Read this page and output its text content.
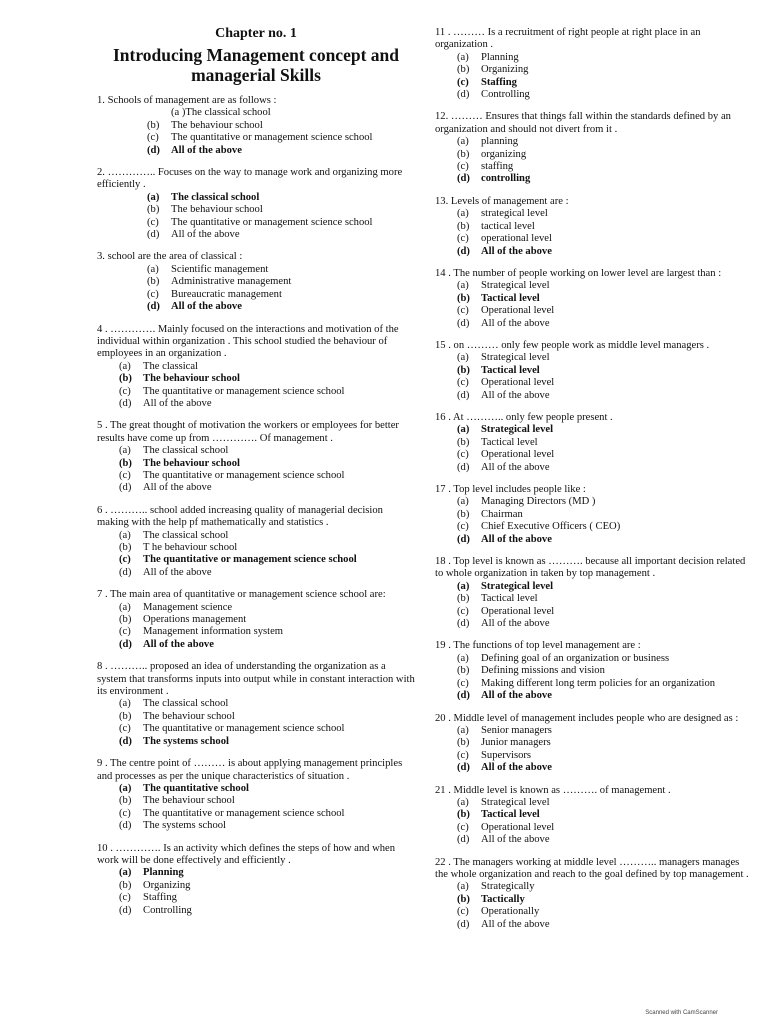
Chapter no. 1
Introducing Management concept and
managerial Skills
1. Schools of management are as follows :
(a )The classical school
(b)	The behaviour school
(c)	The quantitative or management science school
(d)	All of the above
2. ………….. Focuses on the way to manage work and organizing more efficiently .
(a)	The classical school
(b)	The behaviour school
(c)	The quantitative or management science school
(d)	All of the above
3. school are the area of classical :
(a)	Scientific management
(b)	Administrative management
(c)	Bureaucratic management
(d)	All of the above
4 . …………. Mainly focused on the interactions and motivation of the individual within organization . This school studied the behaviour of employees in an organization .
(a)	The classical
(b)	The behaviour school
(c)	The quantitative or management science school
(d)	All of the above
5 . The great thought of motivation the workers or employees for better results have come up from …………. Of management .
(a)	The classical school
(b)	The behaviour school
(c)	The quantitative or management science school
(d)	All of the above
6 . ……….. school added increasing quality of managerial decision making with the help pf mathematically and statistics .
(a)	The classical school
(b)	T he behaviour school
(c)	The quantitative or management science school
(d)	All of the above
7 . The main area of quantitative or management science school are:
(a)	Management science
(b)	Operations management
(c)	Management information system
(d)	All of the above
8 . ……….. proposed an idea of understanding the organization as a system that transforms inputs into output while in constant interaction with its environment .
(a)	The classical school
(b)	The behaviour school
(c)	The quantitative or management science school
(d)	The systems school
9 . The centre point of ……… is about applying management principles and processes as per the unique characteristics of situation .
(a)	The quantitative school
(b)	The behaviour school
(c)	The quantitative or management science school
(d)	The systems school
10 . …………. Is an activity which defines the steps of how and when work will be done effectively and efficiently .
(a)	Planning
(b)	Organizing
(c)	Staffing
(d)	Controlling
11 . ……… Is a recruitment of right people at right place in an organization .
(a)	Planning
(b)	Organizing
(c)	Staffing
(d)	Controlling
12. ……… Ensures that things fall within the standards defined by an organization and should not divert from it .
(a)	planning
(b)	organizing
(c)	staffing
(d)	controlling
13. Levels of management are :
(a)	strategical level
(b)	tactical level
(c)	operational level
(d)	All of the above
14 . The number of people working on lower level are largest than :
(a)	Strategical level
(b)	Tactical level
(c)	Operational level
(d)	All of the above
15 . on ……… only few people work as middle level managers .
(a)	Strategical level
(b)	Tactical level
(c)	Operational level
(d)	All of the above
16 . At ……….. only few people present .
(a)	Strategical level
(b)	Tactical level
(c)	Operational level
(d)	All of the above
17 . Top level includes people like :
(a)	Managing Directors (MD )
(b)	Chairman
(c)	Chief Executive Officers ( CEO)
(d)	All of the above
18 . Top level is known as ………. because all important decision related to whole organization in taken by top management .
(a)	Strategical level
(b)	Tactical level
(c)	Operational level
(d)	All of the above
19 . The functions of top level management are :
(a)	Defining goal of an organization or business
(b)	Defining missions and vision
(c)	Making different long term policies for an organization
(d)	All of the above
20 . Middle level of management includes people who are designed as :
(a)	Senior managers
(b)	Junior managers
(c)	Supervisors
(d)	All of the above
21 . Middle level is known as ………. of management .
(a)	Strategical level
(b)	Tactical level
(c)	Operational level
(d)	All of the above
22 . The managers working at middle level ……….. managers manages the whole organization and reach to the goal defined by top management .
(a)	Strategically
(b)	Tactically
(c)	Operationally
(d)	All of the above
Scanned with CamScanner
